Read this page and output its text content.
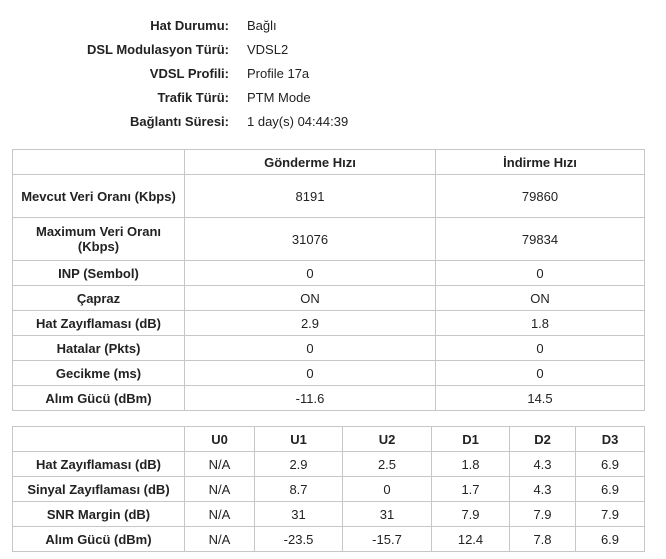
Hat Durumu: Bağlı
DSL Modulasyon Türü: VDSL2
VDSL Profili: Profile 17a
Trafik Türü: PTM Mode
Bağlantı Süresi: 1 day(s) 04:44:39
	Gönderme Hızı	İndirme Hızı
Mevcut Veri Oranı (Kbps)	8191	79860
Maximum Veri Oranı (Kbps)	31076	79834
INP (Sembol)	0	0
Çapraz	ON	ON
Hat Zayıflaması (dB)	2.9	1.8
Hatalar (Pkts)	0	0
Gecikme (ms)	0	0
Alım Gücü (dBm)	-11.6	14.5
	U0	U1	U2	D1	D2	D3
Hat Zayıflaması (dB)	N/A	2.9	2.5	1.8	4.3	6.9
Sinyal Zayıflaması (dB)	N/A	8.7	0	1.7	4.3	6.9
SNR Margin (dB)	N/A	31	31	7.9	7.9	7.9
Alım Gücü (dBm)	N/A	-23.5	-15.7	12.4	7.8	6.9
